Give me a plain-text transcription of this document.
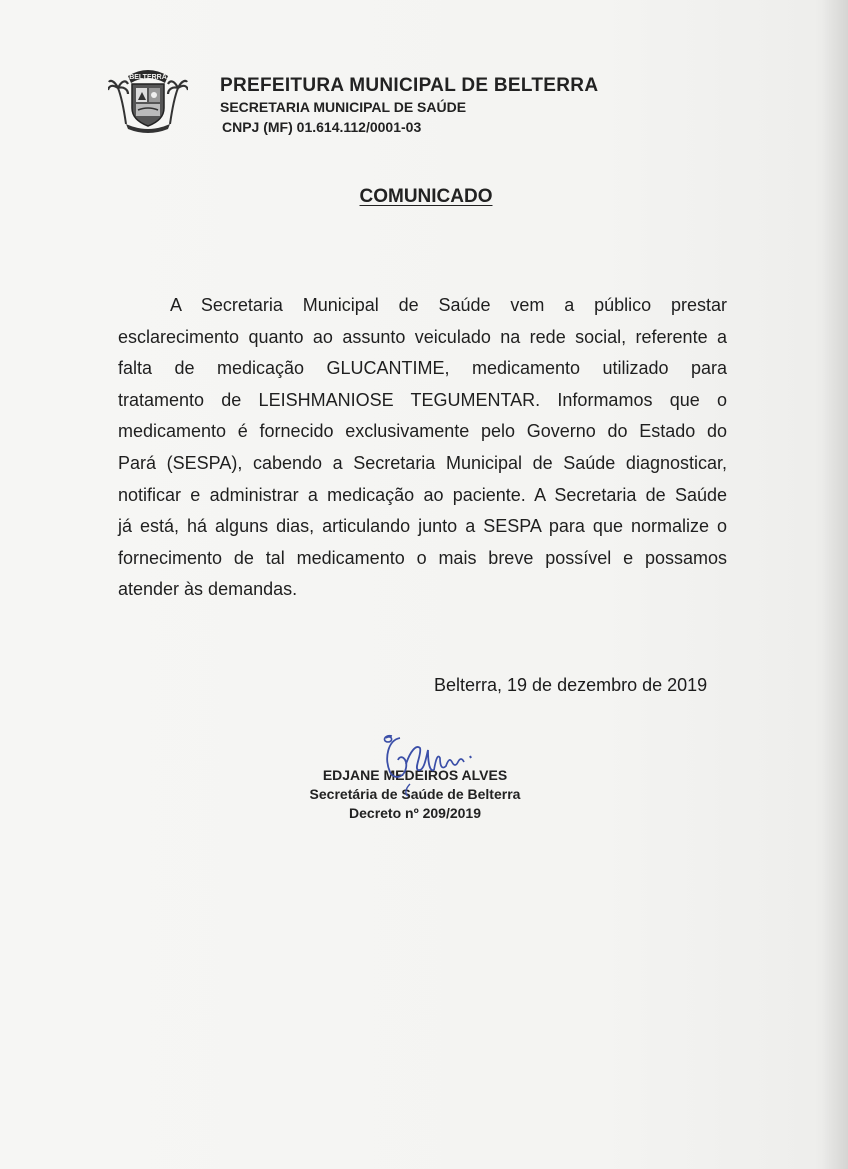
BELTERRA	PREFEITURA MUNICIPAL DE BELTERRA
SECRETARIA MUNICIPAL DE SAÚDE
CNPJ (MF) 01.614.112/0001-03
COMUNICADO
A Secretaria Municipal de Saúde vem a público prestar
esclarecimento quanto ao assunto veiculado na rede social, referente a
falta de medicação GLUCANTIME, medicamento utilizado para
tratamento de LEISHMANIOSE TEGUMENTAR. Informamos que o
medicamento é fornecido exclusivamente pelo Governo do Estado do
Pará (SESPA), cabendo a Secretaria Municipal de Saúde diagnosticar,
notificar e administrar a medicação ao paciente. A Secretaria de Saúde
já está, há alguns dias, articulando junto a SESPA para que normalize o
fornecimento de tal medicamento o mais breve possível e possamos
atender às demandas.
Belterra, 19 de dezembro de 2019
EDJANE MEDEIROS ALVES
Secretária de Saúde de Belterra
Decreto nº 209/2019
